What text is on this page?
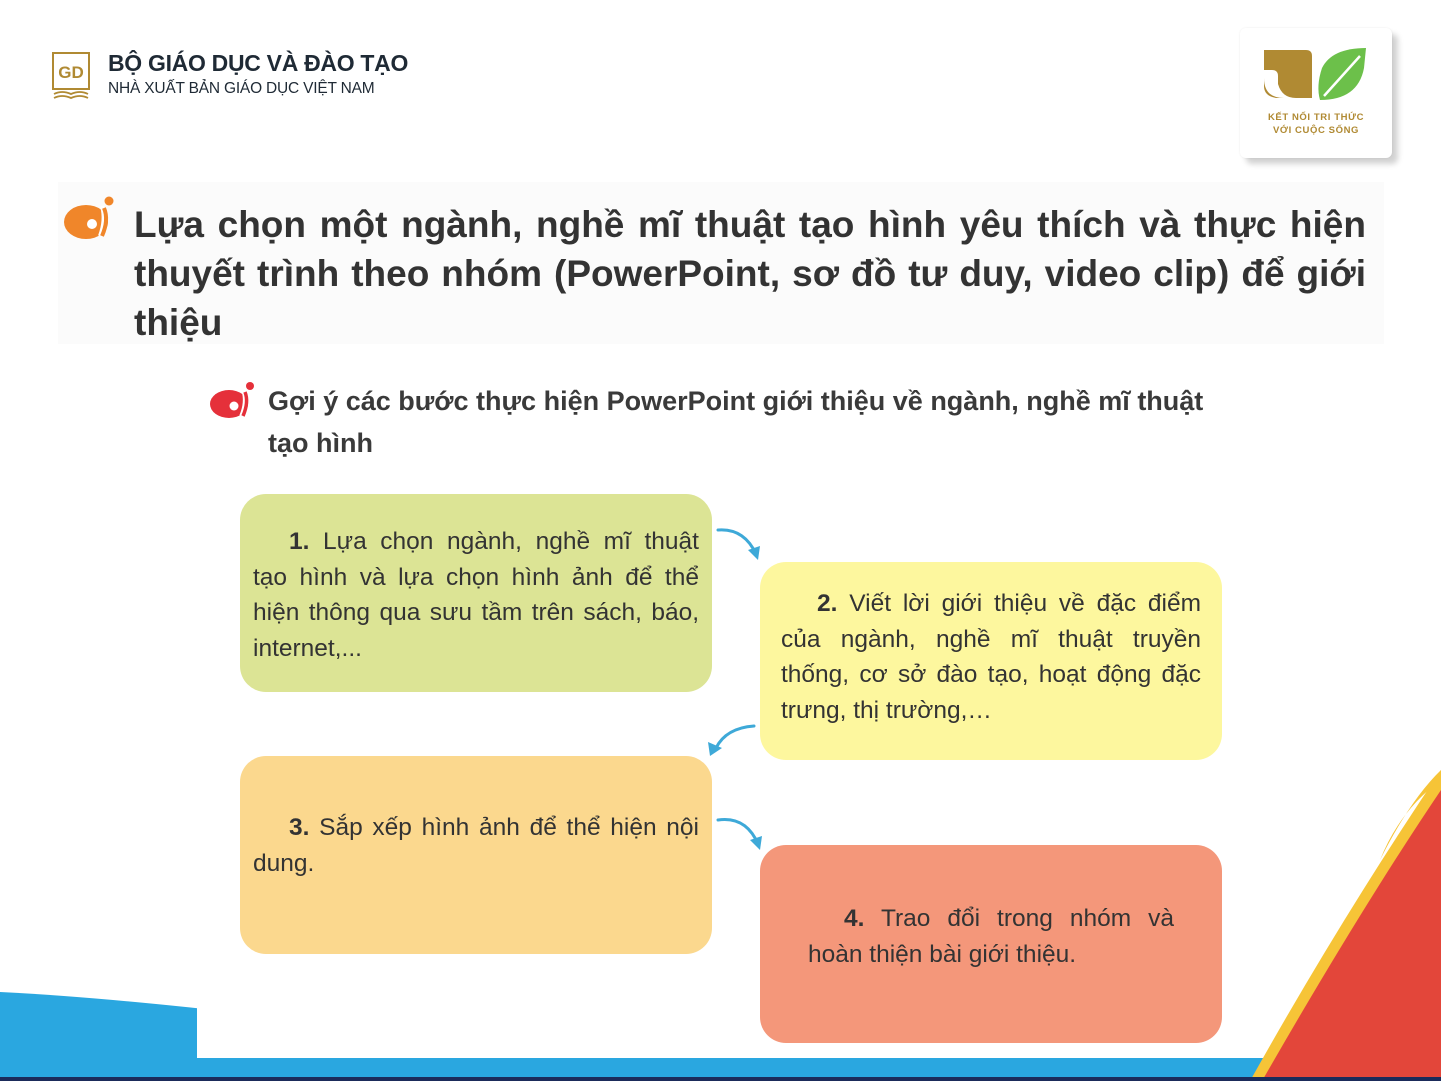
GD BỘ GIÁO DỤC VÀ ĐÀO TẠO
NHÀ XUẤT BẢN GIÁO DỤC VIỆT NAM
KẾT NỐI TRI THỨC
VỚI CUỘC SỐNG

Lựa chọn một ngành, nghề mĩ thuật tạo hình yêu thích và thực hiện thuyết trình theo nhóm (PowerPoint, sơ đồ tư duy, video clip) để giới thiệu

Gợi ý các bước thực hiện PowerPoint giới thiệu về ngành, nghề mĩ thuật tạo hình

1. Lựa chọn ngành, nghề mĩ thuật tạo hình và lựa chọn hình ảnh để thể hiện thông qua sưu tầm trên sách, báo, internet,...

2. Viết lời giới thiệu về đặc điểm của ngành, nghề mĩ thuật truyền thống, cơ sở đào tạo, hoạt động đặc trưng, thị trường,…

3. Sắp xếp hình ảnh để thể hiện nội dung.

4. Trao đổi trong nhóm và hoàn thiện bài giới thiệu.
